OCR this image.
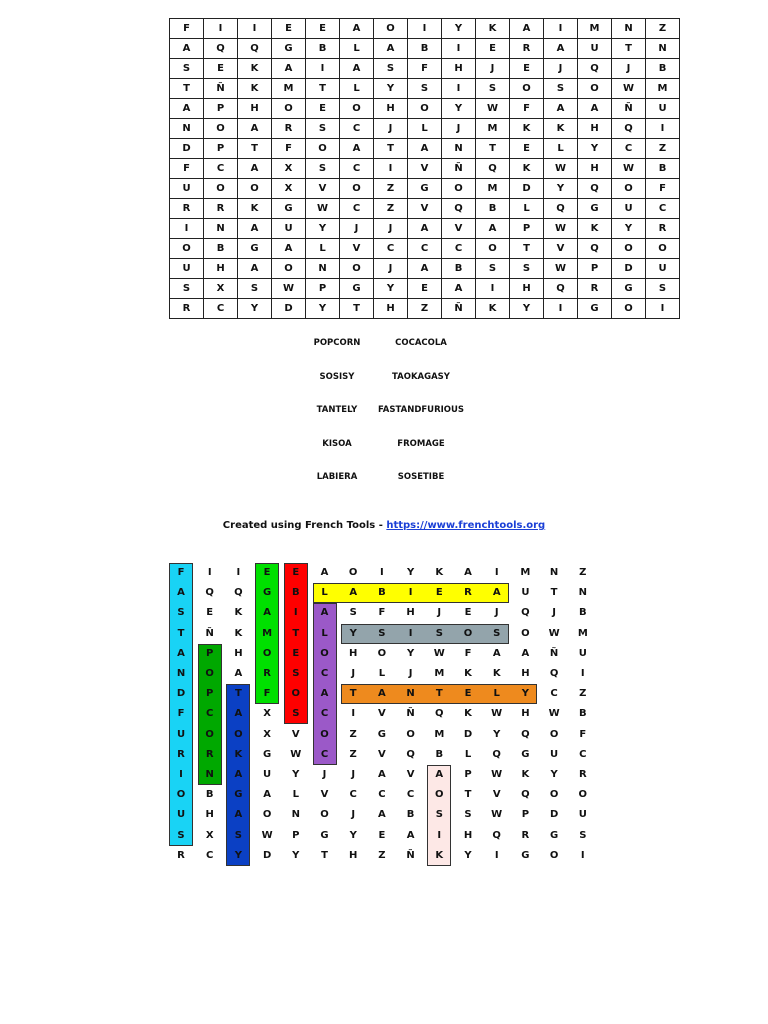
F	I	I	E	E	A	O	I	Y	K	A	I	M	N	Z
A	Q	Q	G	B	L	A	B	I	E	R	A	U	T	N
S	E	K	A	I	A	S	F	H	J	E	J	Q	J	B
T	Ñ	K	M	T	L	Y	S	I	S	O	S	O	W	M
A	P	H	O	E	O	H	O	Y	W	F	A	A	Ñ	U
N	O	A	R	S	C	J	L	J	M	K	K	H	Q	I
D	P	T	F	O	A	T	A	N	T	E	L	Y	C	Z
F	C	A	X	S	C	I	V	Ñ	Q	K	W	H	W	B
U	O	O	X	V	O	Z	G	O	M	D	Y	Q	O	F
R	R	K	G	W	C	Z	V	Q	B	L	Q	G	U	C
I	N	A	U	Y	J	J	A	V	A	P	W	K	Y	R
O	B	G	A	L	V	C	C	C	O	T	V	Q	O	O
U	H	A	O	N	O	J	A	B	S	S	W	P	D	U
S	X	S	W	P	G	Y	E	A	I	H	Q	R	G	S
R	C	Y	D	Y	T	H	Z	Ñ	K	Y	I	G	O	I
POPCORN	COCACOLA
SOSISY	TAOKAGASY
TANTELY	FASTANDFURIOUS
KISOA	FROMAGE
LABIERA	SOSETIBE
Created using French Tools - https://www.frenchtools.org
F	I	I	E	E	A	O	I	Y	K	A	I	M	N	Z
A	Q	Q	G	B	L	A	B	I	E	R	A	U	T	N
S	E	K	A	I	A	S	F	H	J	E	J	Q	J	B
T	Ñ	K	M	T	L	Y	S	I	S	O	S	O	W	M
A	P	H	O	E	O	H	O	Y	W	F	A	A	Ñ	U
N	O	A	R	S	C	J	L	J	M	K	K	H	Q	I
D	P	T	F	O	A	T	A	N	T	E	L	Y	C	Z
F	C	A	X	S	C	I	V	Ñ	Q	K	W	H	W	B
U	O	O	X	V	O	Z	G	O	M	D	Y	Q	O	F
R	R	K	G	W	C	Z	V	Q	B	L	Q	G	U	C
I	N	A	U	Y	J	J	A	V	A	P	W	K	Y	R
O	B	G	A	L	V	C	C	C	O	T	V	Q	O	O
U	H	A	O	N	O	J	A	B	S	S	W	P	D	U
S	X	S	W	P	G	Y	E	A	I	H	Q	R	G	S
R	C	Y	D	Y	T	H	Z	Ñ	K	Y	I	G	O	I
